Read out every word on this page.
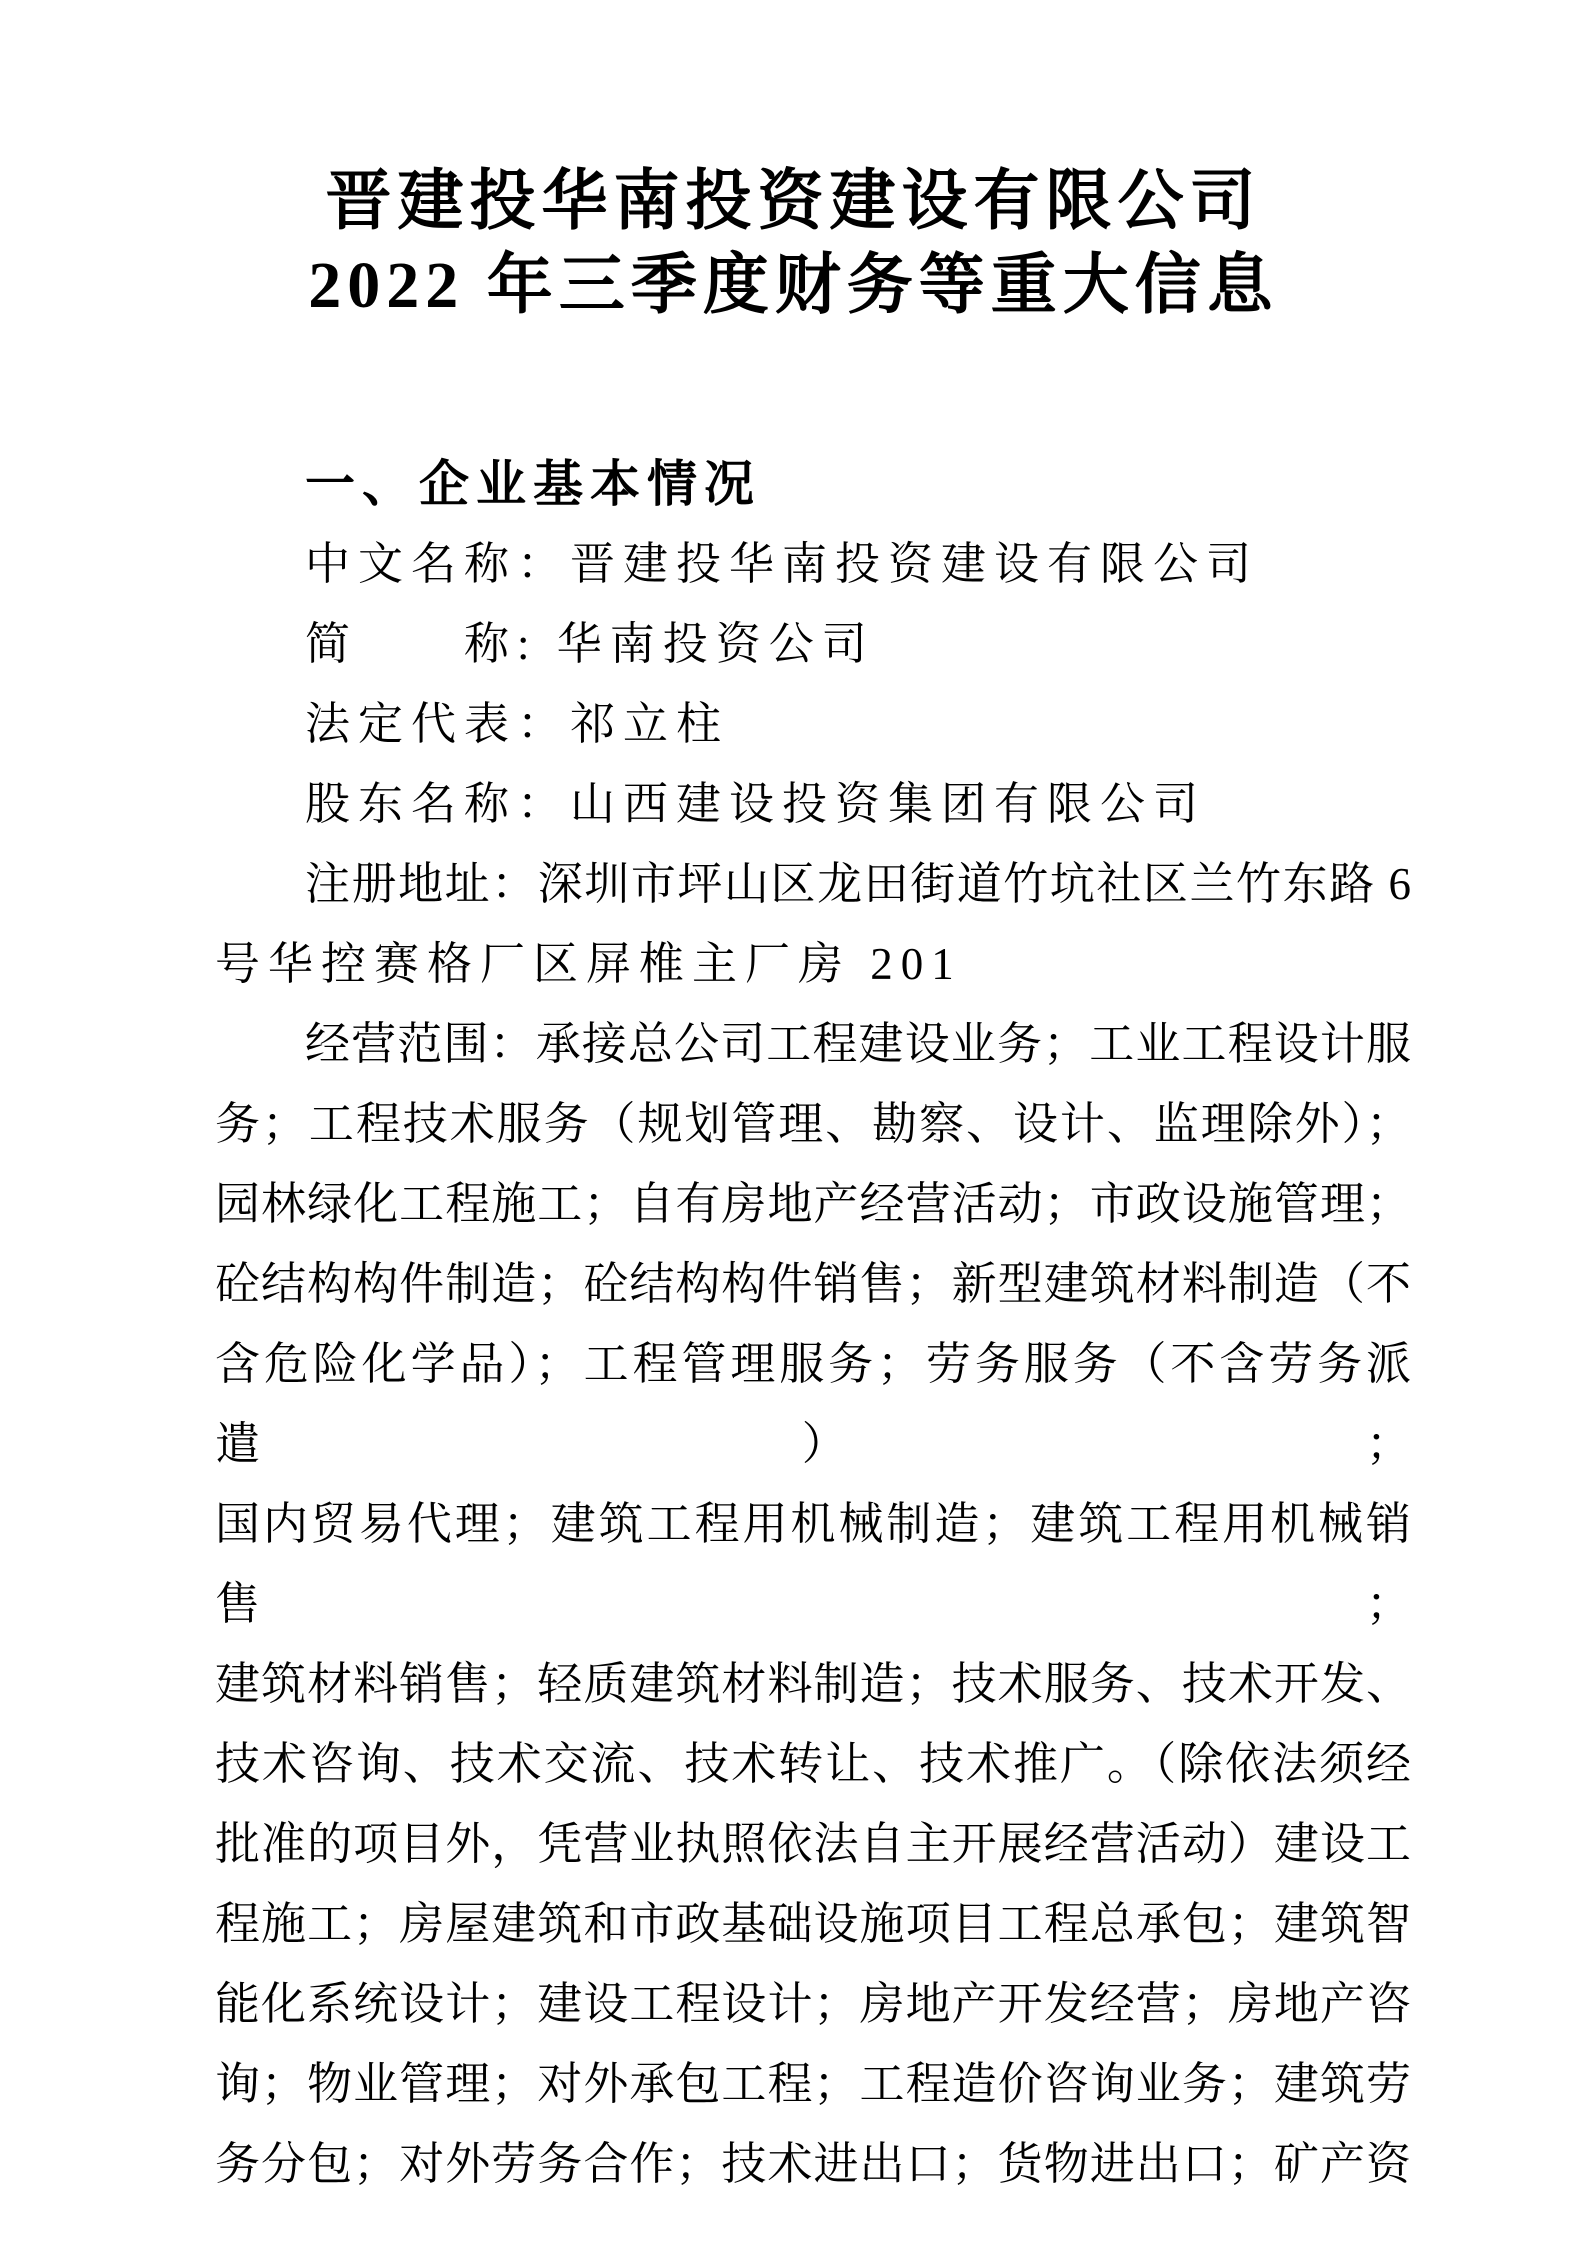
晋建投华南投资建设有限公司
2022 年三季度财务等重大信息
一、企业基本情况
中文名称：晋建投华南投资建设有限公司
简　　称: 华南投资公司
法定代表：祁立柱
股东名称：山西建设投资集团有限公司
注册地址：深圳市坪山区龙田街道竹坑社区兰竹东路 6
号华控赛格厂区屏椎主厂房 201
经营范围：承接总公司工程建设业务；工业工程设计服
务；工程技术服务（规划管理、勘察、设计、监理除外）；
园林绿化工程施工；自有房地产经营活动；市政设施管理；
砼结构构件制造；砼结构构件销售；新型建筑材料制造（不
含危险化学品）；工程管理服务；劳务服务（不含劳务派遣）；
国内贸易代理；建筑工程用机械制造；建筑工程用机械销售；
建筑材料销售；轻质建筑材料制造；技术服务、技术开发、
技术咨询、技术交流、技术转让、技术推广。（除依法须经
批准的项目外，凭营业执照依法自主开展经营活动）建设工
程施工；房屋建筑和市政基础设施项目工程总承包；建筑智
能化系统设计；建设工程设计；房地产开发经营；房地产咨
询；物业管理；对外承包工程；工程造价咨询业务；建筑劳
务分包；对外劳务合作；技术进出口；货物进出口；矿产资
